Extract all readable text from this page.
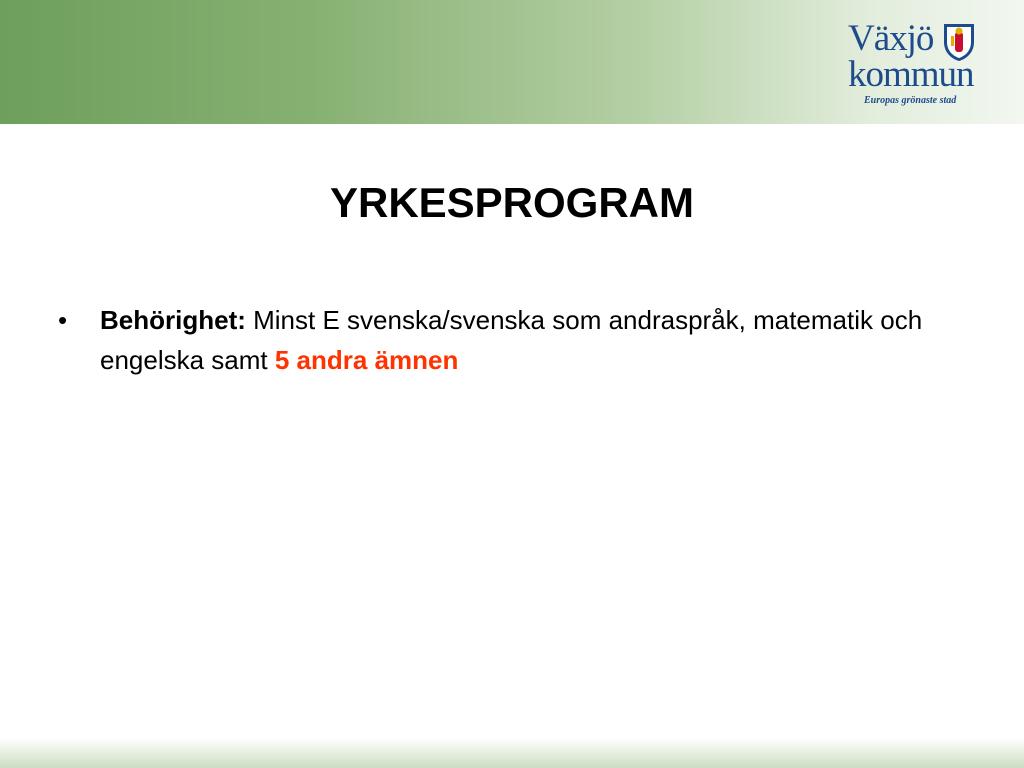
Växjö
kommun
Europas grönaste stad
YRKESPROGRAM
• Behörighet: Minst E svenska/svenska som andraspråk, matematik och engelska samt 5 andra ämnen
